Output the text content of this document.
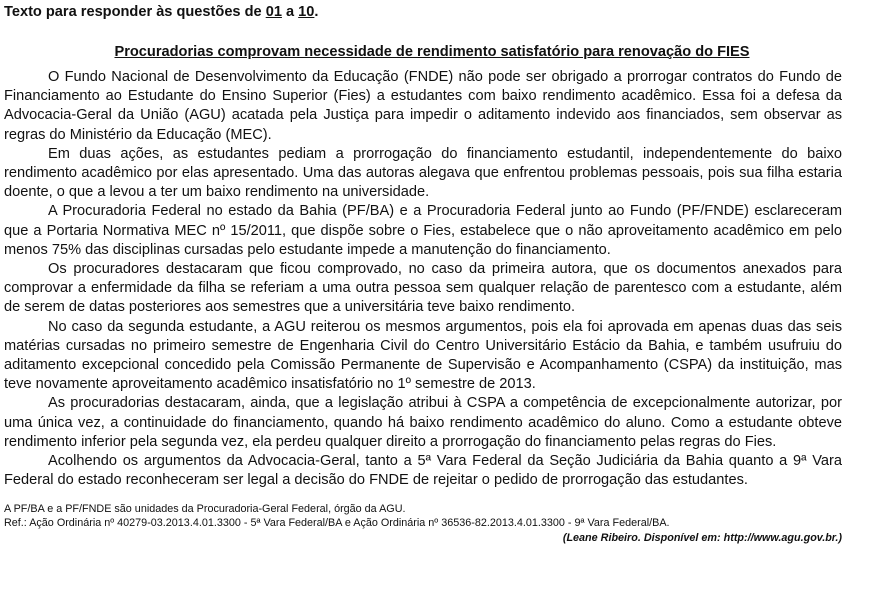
Texto para responder às questões de 01 a 10.
Procuradorias comprovam necessidade de rendimento satisfatório para renovação do FIES

O Fundo Nacional de Desenvolvimento da Educação (FNDE) não pode ser obrigado a prorrogar contratos do Fundo de Financiamento ao Estudante do Ensino Superior (Fies) a estudantes com baixo rendimento acadêmico. Essa foi a defesa da Advocacia-Geral da União (AGU) acatada pela Justiça para impedir o aditamento indevido aos financiados, sem observar as regras do Ministério da Educação (MEC).

Em duas ações, as estudantes pediam a prorrogação do financiamento estudantil, independentemente do baixo rendimento acadêmico por elas apresentado. Uma das autoras alegava que enfrentou problemas pessoais, pois sua filha estaria doente, o que a levou a ter um baixo rendimento na universidade.

A Procuradoria Federal no estado da Bahia (PF/BA) e a Procuradoria Federal junto ao Fundo (PF/FNDE) esclareceram que a Portaria Normativa MEC nº 15/2011, que dispõe sobre o Fies, estabelece que o não aproveitamento acadêmico em pelo menos 75% das disciplinas cursadas pelo estudante impede a manutenção do financiamento.

Os procuradores destacaram que ficou comprovado, no caso da primeira autora, que os documentos anexados para comprovar a enfermidade da filha se referiam a uma outra pessoa sem qualquer relação de parentesco com a estudante, além de serem de datas posteriores aos semestres que a universitária teve baixo rendimento.

No caso da segunda estudante, a AGU reiterou os mesmos argumentos, pois ela foi aprovada em apenas duas das seis matérias cursadas no primeiro semestre de Engenharia Civil do Centro Universitário Estácio da Bahia, e também usufruiu do aditamento excepcional concedido pela Comissão Permanente de Supervisão e Acompanhamento (CSPA) da instituição, mas teve novamente aproveitamento acadêmico insatisfatório no 1º semestre de 2013.

As procuradorias destacaram, ainda, que a legislação atribui à CSPA a competência de excepcionalmente autorizar, por uma única vez, a continuidade do financiamento, quando há baixo rendimento acadêmico do aluno. Como a estudante obteve rendimento inferior pela segunda vez, ela perdeu qualquer direito a prorrogação do financiamento pelas regras do Fies.

Acolhendo os argumentos da Advocacia-Geral, tanto a 5ª Vara Federal da Seção Judiciária da Bahia quanto a 9ª Vara Federal do estado reconheceram ser legal a decisão do FNDE de rejeitar o pedido de prorrogação das estudantes.

A PF/BA e a PF/FNDE são unidades da Procuradoria-Geral Federal, órgão da AGU.
Ref.: Ação Ordinária nº 40279-03.2013.4.01.3300 - 5ª Vara Federal/BA e Ação Ordinária nº 36536-82.2013.4.01.3300 - 9ª Vara Federal/BA.
(Leane Ribeiro. Disponível em: http://www.agu.gov.br.)
